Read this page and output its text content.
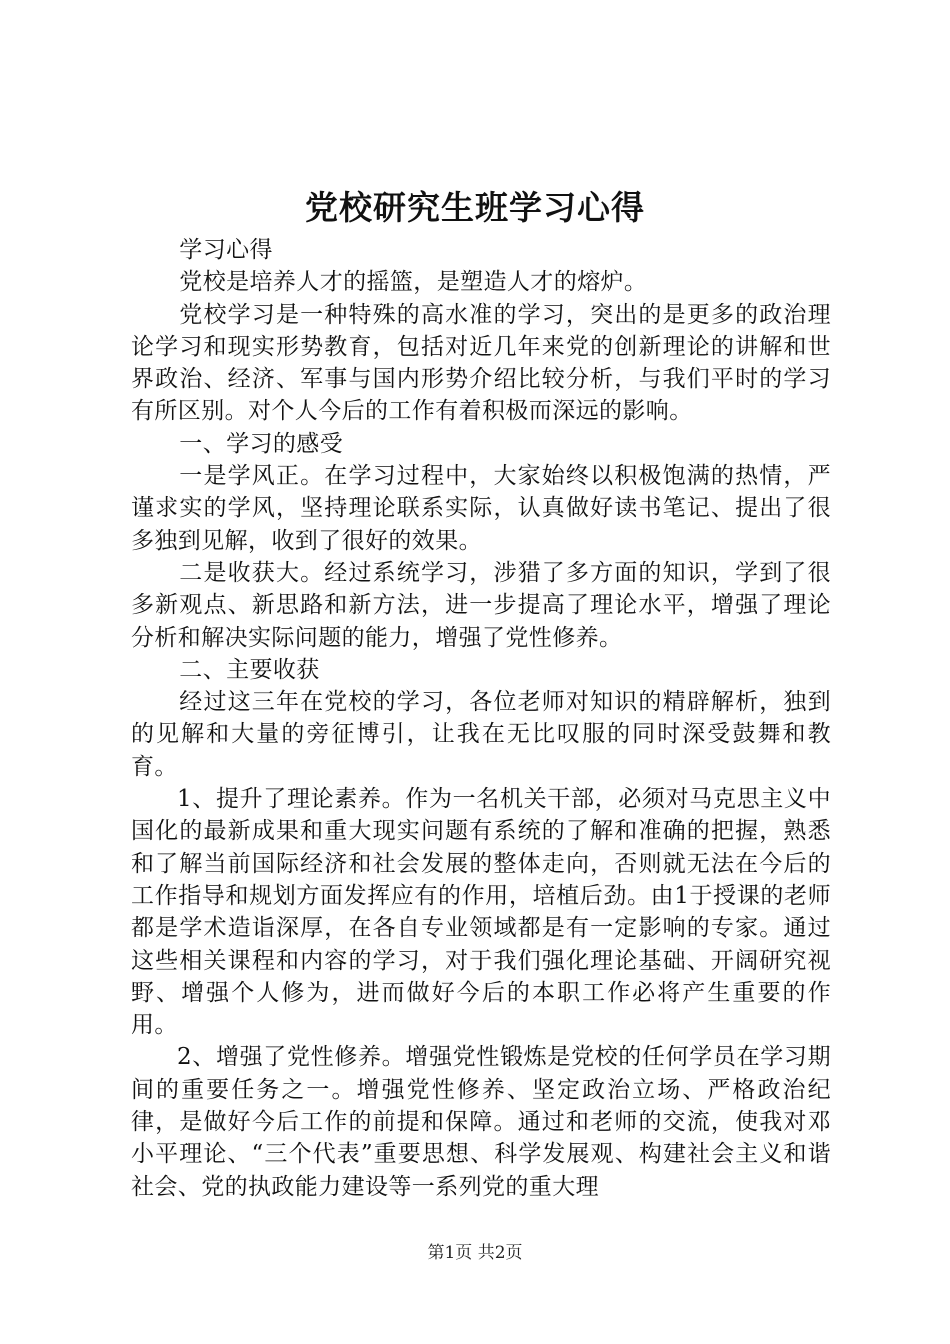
党校研究生班学习心得

学习心得

党校是培养人才的摇篮，是塑造人才的熔炉。

党校学习是一种特殊的高水准的学习，突出的是更多的政治理论学习和现实形势教育，包括对近几年来党的创新理论的讲解和世界政治、经济、军事与国内形势介绍比较分析，与我们平时的学习有所区别。对个人今后的工作有着积极而深远的影响。

一、学习的感受

一是学风正。在学习过程中，大家始终以积极饱满的热情，严谨求实的学风，坚持理论联系实际，认真做好读书笔记、提出了很多独到见解，收到了很好的效果。

二是收获大。经过系统学习，涉猎了多方面的知识，学到了很多新观点、新思路和新方法，进一步提高了理论水平，增强了理论分析和解决实际问题的能力，增强了党性修养。

二、主要收获

经过这三年在党校的学习，各位老师对知识的精辟解析，独到的见解和大量的旁征博引，让我在无比叹服的同时深受鼓舞和教育。

1、提升了理论素养。作为一名机关干部，必须对马克思主义中国化的最新成果和重大现实问题有系统的了解和准确的把握，熟悉和了解当前国际经济和社会发展的整体走向，否则就无法在今后的工作指导和规划方面发挥应有的作用，培植后劲。由1于授课的老师都是学术造诣深厚，在各自专业领域都是有一定影响的专家。通过这些相关课程和内容的学习，对于我们强化理论基础、开阔研究视野、增强个人修为，进而做好今后的本职工作必将产生重要的作用。

2、增强了党性修养。增强党性锻炼是党校的任何学员在学习期间的重要任务之一。增强党性修养、坚定政治立场、严格政治纪律，是做好今后工作的前提和保障。通过和老师的交流，使我对邓小平理论、“三个代表”重要思想、科学发展观、构建社会主义和谐社会、党的执政能力建设等一系列党的重大理

第1页 共2页
